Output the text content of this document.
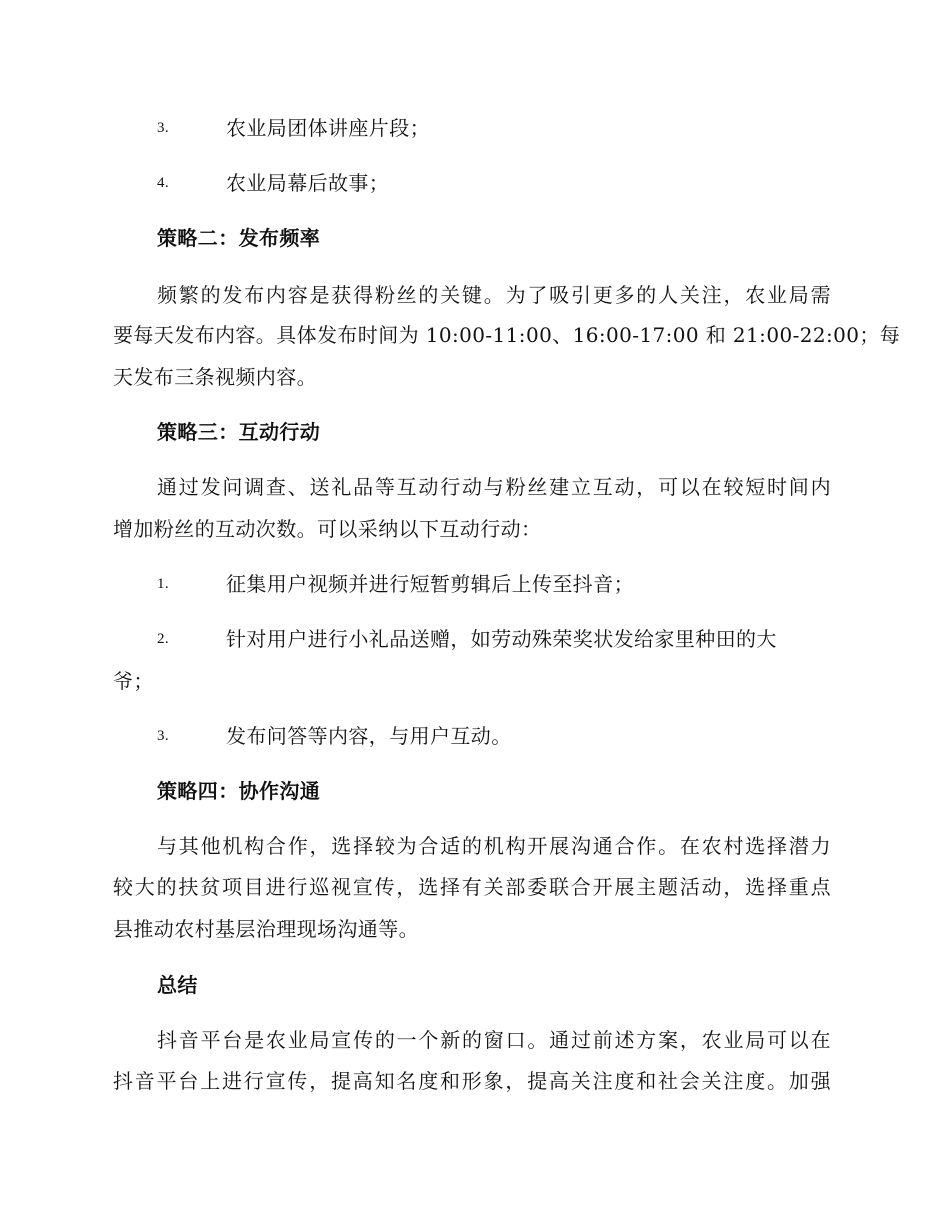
3.	农业局团体讲座片段；
4.	农业局幕后故事；
策略二：发布频率
频繁的发布内容是获得粉丝的关键。为了吸引更多的人关注，农业局需
要每天发布内容。具体发布时间为 10:00-11:00、16:00-17:00 和 21:00-22:00；每
天发布三条视频内容。
策略三：互动行动
通过发问调查、送礼品等互动行动与粉丝建立互动，可以在较短时间内
增加粉丝的互动次数。可以采纳以下互动行动：
1.	征集用户视频并进行短暂剪辑后上传至抖音；
2.	针对用户进行小礼品送赠，如劳动殊荣奖状发给家里种田的大
爷；
3.	发布问答等内容，与用户互动。
策略四：协作沟通
与其他机构合作，选择较为合适的机构开展沟通合作。在农村选择潜力
较大的扶贫项目进行巡视宣传，选择有关部委联合开展主题活动，选择重点
县推动农村基层治理现场沟通等。
总结
抖音平台是农业局宣传的一个新的窗口。通过前述方案，农业局可以在
抖音平台上进行宣传，提高知名度和形象，提高关注度和社会关注度。加强
